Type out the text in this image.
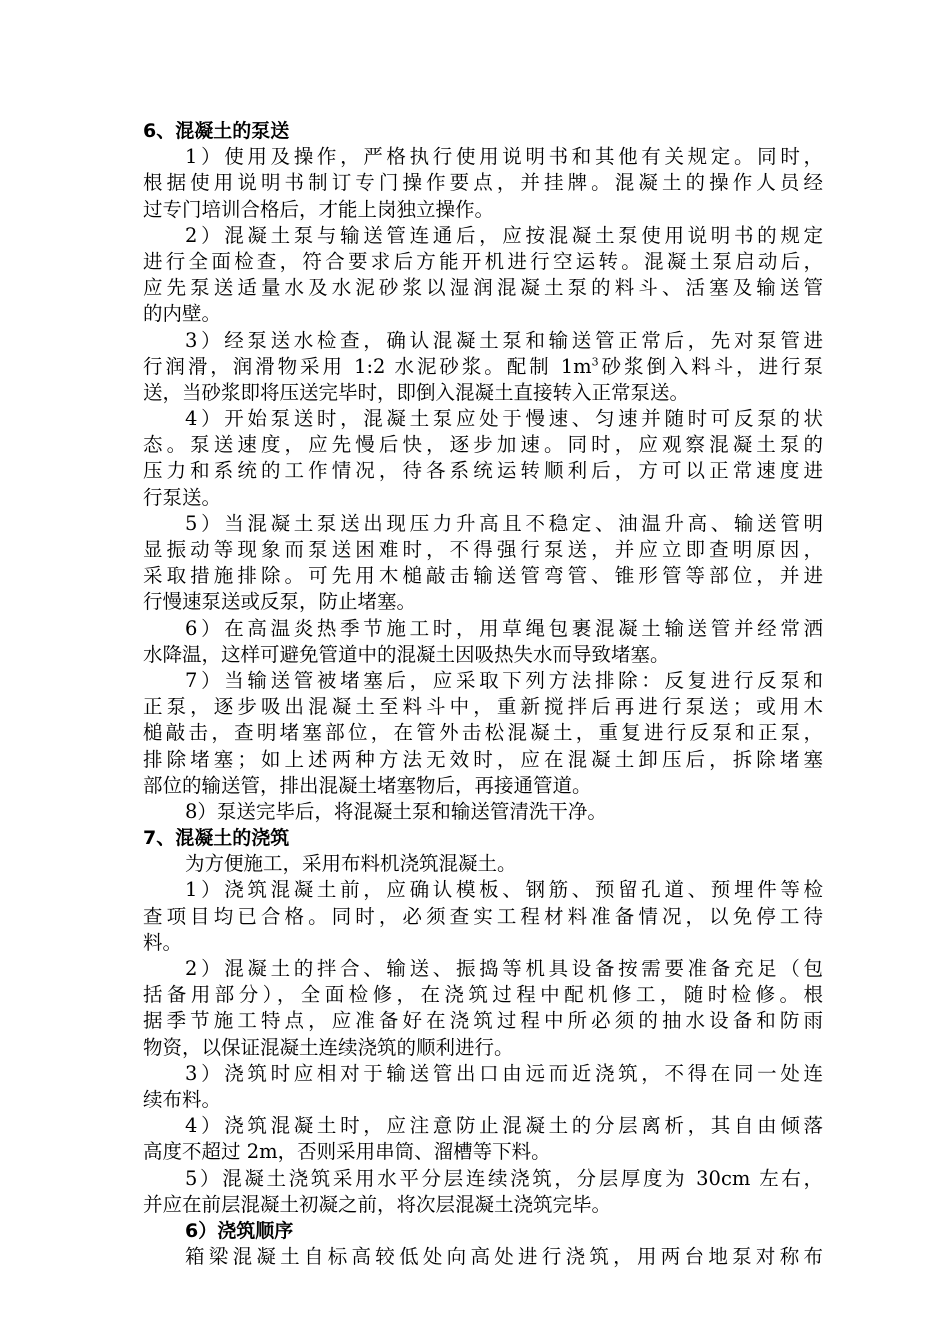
6、混凝土的泵送
1）使用及操作，严格执行使用说明书和其他有关规定。同时，
根据使用说明书制订专门操作要点，并挂牌。混凝土的操作人员经
过专门培训合格后，才能上岗独立操作。
2）混凝土泵与输送管连通后，应按混凝土泵使用说明书的规定
进行全面检查，符合要求后方能开机进行空运转。混凝土泵启动后，
应先泵送适量水及水泥砂浆以湿润混凝土泵的料斗、活塞及输送管
的内壁。
3）经泵送水检查，确认混凝土泵和输送管正常后，先对泵管进
行润滑，润滑物采用 1:2 水泥砂浆。配制 $1m^3$砂浆倒入料斗，进行泵
送，当砂浆即将压送完毕时，即倒入混凝土直接转入正常泵送。
4）开始泵送时，混凝土泵应处于慢速、匀速并随时可反泵的状
态。泵送速度，应先慢后快，逐步加速。同时，应观察混凝土泵的
压力和系统的工作情况，待各系统运转顺利后，方可以正常速度进
行泵送。
5）当混凝土泵送出现压力升高且不稳定、油温升高、输送管明
显振动等现象而泵送困难时，不得强行泵送，并应立即查明原因，
采取措施排除。可先用木槌敲击输送管弯管、锥形管等部位，并进
行慢速泵送或反泵，防止堵塞。
6）在高温炎热季节施工时，用草绳包裹混凝土输送管并经常洒
水降温，这样可避免管道中的混凝土因吸热失水而导致堵塞。
7）当输送管被堵塞后，应采取下列方法排除：反复进行反泵和
正泵，逐步吸出混凝土至料斗中，重新搅拌后再进行泵送；或用木
槌敲击，查明堵塞部位，在管外击松混凝土，重复进行反泵和正泵，
排除堵塞；如上述两种方法无效时，应在混凝土卸压后，拆除堵塞
部位的输送管，排出混凝土堵塞物后，再接通管道。
8）泵送完毕后，将混凝土泵和输送管清洗干净。
7、混凝土的浇筑
为方便施工，采用布料机浇筑混凝土。
1）浇筑混凝土前，应确认模板、钢筋、预留孔道、预埋件等检
查项目均已合格。同时，必须查实工程材料准备情况，以免停工待
料。
2）混凝土的拌合、输送、振捣等机具设备按需要准备充足（包
括备用部分），全面检修，在浇筑过程中配机修工，随时检修。根
据季节施工特点，应准备好在浇筑过程中所必须的抽水设备和防雨
物资，以保证混凝土连续浇筑的顺利进行。
3）浇筑时应相对于输送管出口由远而近浇筑，不得在同一处连
续布料。
4）浇筑混凝土时，应注意防止混凝土的分层离析，其自由倾落
高度不超过 2m，否则采用串筒、溜槽等下料。
5）混凝土浇筑采用水平分层连续浇筑，分层厚度为 30cm 左右，
并应在前层混凝土初凝之前，将次层混凝土浇筑完毕。
6）浇筑顺序
箱梁混凝土自标高较低处向高处进行浇筑，用两台地泵对称布
